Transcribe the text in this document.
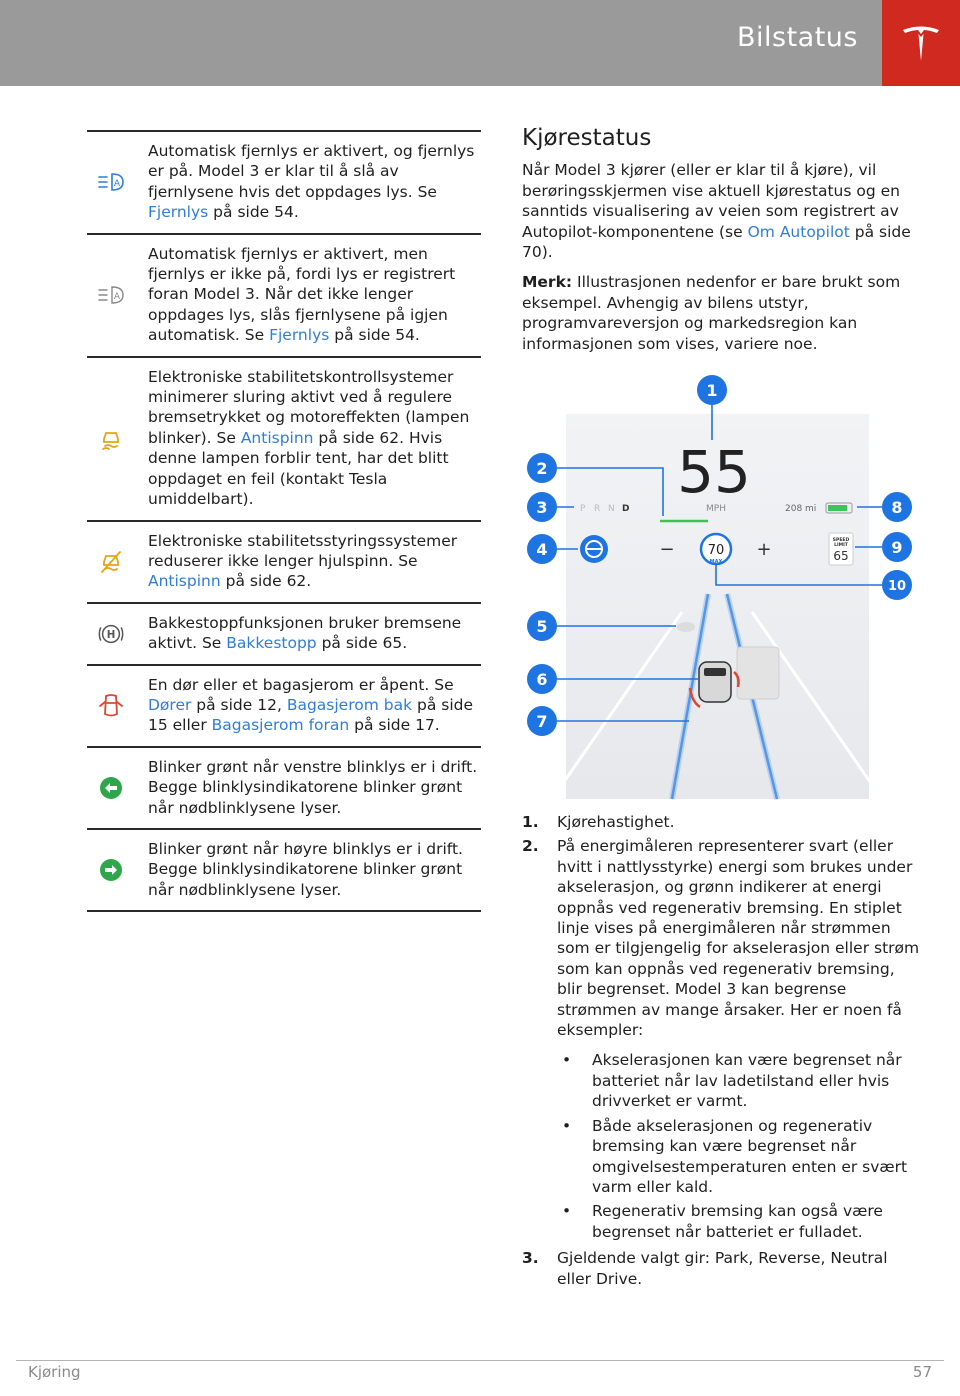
Bilstatus
A
Automatisk fjernlys er aktivert, og fjernlys er på. Model 3 er klar til å slå av fjernlysene hvis det oppdages lys. Se Fjernlys på side 54.
A
Automatisk fjernlys er aktivert, men fjernlys er ikke på, fordi lys er registrert foran Model 3. Når det ikke lenger oppdages lys, slås fjernlysene på igjen automatisk. Se Fjernlys på side 54.
Elektroniske stabilitetskontrollsystemer minimerer sluring aktivt ved å regulere bremsetrykket og motoreffekten (lampen blinker). Se Antispinn på side 62. Hvis denne lampen forblir tent, har det blitt oppdaget en feil (kontakt Tesla umiddelbart).
Elektroniske stabilitetsstyringssystemer reduserer ikke lenger hjulspinn. Se Antispinn på side 62.
H
Bakkestoppfunksjonen bruker bremsene aktivt. Se Bakkestopp på side 65.
En dør eller et bagasjerom er åpent. Se Dører på side 12, Bagasjerom bak på side 15 eller Bagasjerom foran på side 17.
Blinker grønt når venstre blinklys er i drift. Begge blinklysindikatorene blinker grønt når nødblinklysene lyser.
Blinker grønt når høyre blinklys er i drift. Begge blinklysindikatorene blinker grønt når nødblinklysene lyser.
Kjørestatus

Når Model 3 kjører (eller er klar til å kjøre), vil berøringsskjermen vise aktuell kjørestatus og en sanntids visualisering av veien som registrert av Autopilot-komponentene (se Om Autopilot på side 70).

Merk: Illustrasjonen nedenfor er bare brukt som eksempel. Avhengig av bilens utstyr, programvareversjon og markedsregion kan informasjonen som vises, variere noe.

55
MPH
P R N D	208 mi
−	70
MAX
+	SPEED
LIMIT
65
1
2
3
4
5
6
7
8
9
10
1. Kjørehastighet.
2. På energimåleren representerer svart (eller hvitt i nattlysstyrke) energi som brukes under akselerasjon, og grønn indikerer at energi oppnås ved regenerativ bremsing. En stiplet linje vises på energimåleren når strømmen som er tilgjengelig for akselerasjon eller strøm som kan oppnås ved regenerativ bremsing, blir begrenset. Model 3 kan begrense strømmen av mange årsaker. Her er noen få eksempler:
• Akselerasjonen kan være begrenset når batteriet når lav ladetilstand eller hvis drivverket er varmt.
• Både akselerasjonen og regenerativ bremsing kan være begrenset når omgivelsestemperaturen enten er svært varm eller kald.
• Regenerativ bremsing kan også være begrenset når batteriet er fulladet.
3. Gjeldende valgt gir: Park, Reverse, Neutral eller Drive.
Kjøring	57
